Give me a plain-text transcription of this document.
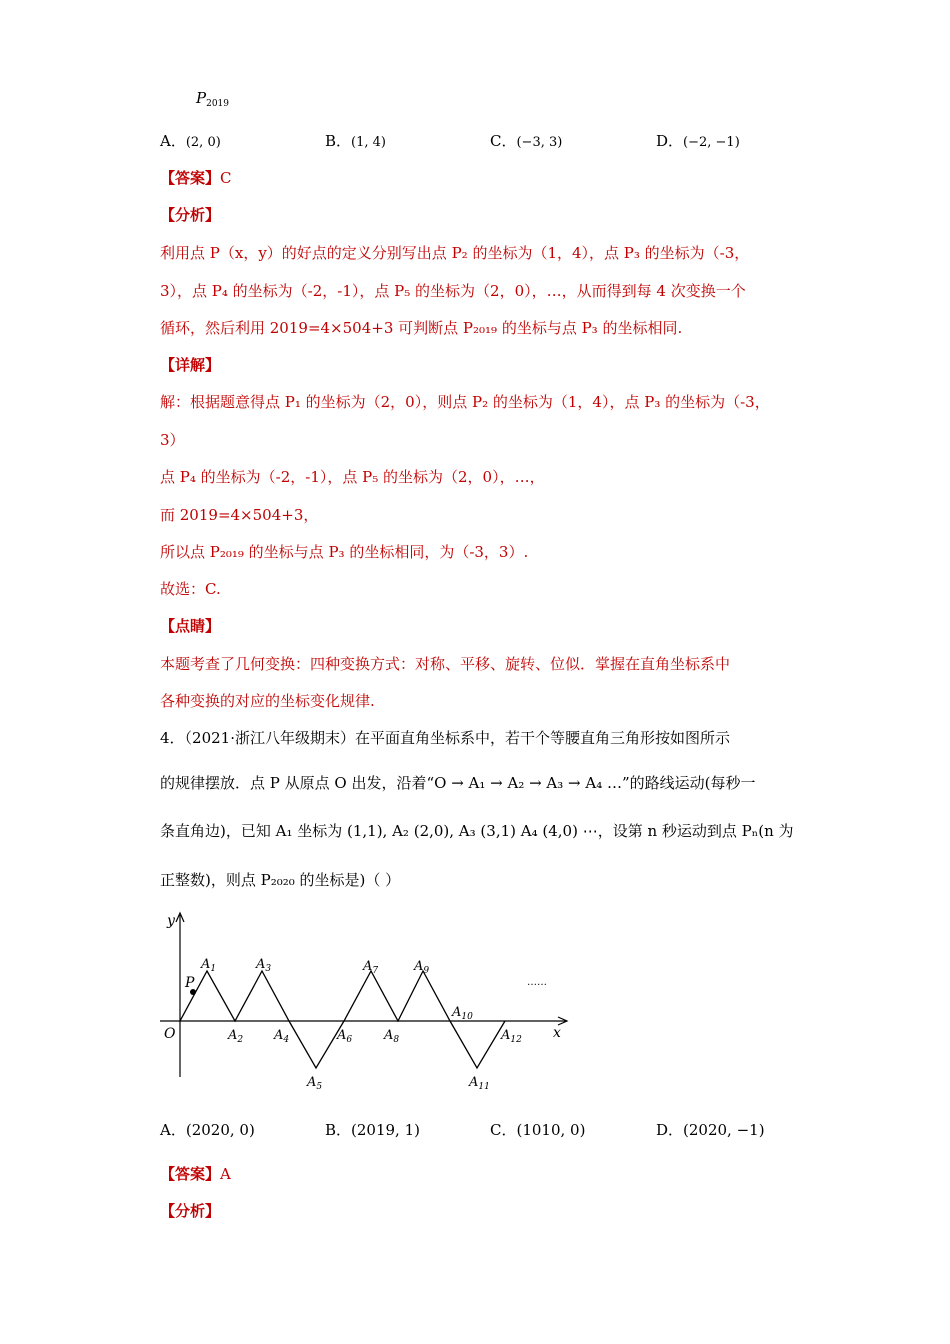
$P_{2019}$
A．(2, 0)	B．(1, 4)	C．(−3, 3)	D．(−2, −1)
【答案】C
【分析】
利用点 P（x，y）的好点的定义分别写出点 P₂ 的坐标为（1，4），点 P₃ 的坐标为（-3，
3），点 P₄ 的坐标为（-2，-1），点 P₅ 的坐标为（2，0），…，从而得到每 4 次变换一个
循环，然后利用 2019=4×504+3 可判断点 P₂₀₁₉ 的坐标与点 P₃ 的坐标相同.
【详解】
解：根据题意得点 P₁ 的坐标为（2，0），则点 P₂ 的坐标为（1，4），点 P₃ 的坐标为（-3，
3）
点 P₄ 的坐标为（-2，-1），点 P₅ 的坐标为（2，0），…，
而 2019=4×504+3，
所以点 P₂₀₁₉ 的坐标与点 P₃ 的坐标相同，为（-3，3）.
故选：C.
【点睛】
本题考查了几何变换：四种变换方式：对称、平移、旋转、位似．掌握在直角坐标系中
各种变换的对应的坐标变化规律.
4．（2021·浙江八年级期末）在平面直角坐标系中，若干个等腰直角三角形按如图所示
的规律摆放．点 P 从原点 O 出发，沿着“O → A₁ → A₂ → A₃ → A₄ …”的路线运动(每秒一
条直角边)，已知 A₁ 坐标为 (1,1), A₂ (2,0), A₃ (3,1) A₄ (4,0) ⋯，设第 n 秒运动到点 Pₙ(n 为
正整数)，则点 P₂₀₂₀ 的坐标是)（ ）
y
x
O
P
$A_1$
$A_2$
$A_3$
$A_4$
$A_5$
$A_6$
$A_7$
$A_8$
$A_9$
$A_{10}$
$A_{11}$
$A_{12}$
……
A．(2020, 0)	B．(2019, 1)	C．(1010, 0)	D．(2020, −1)
【答案】A
【分析】
